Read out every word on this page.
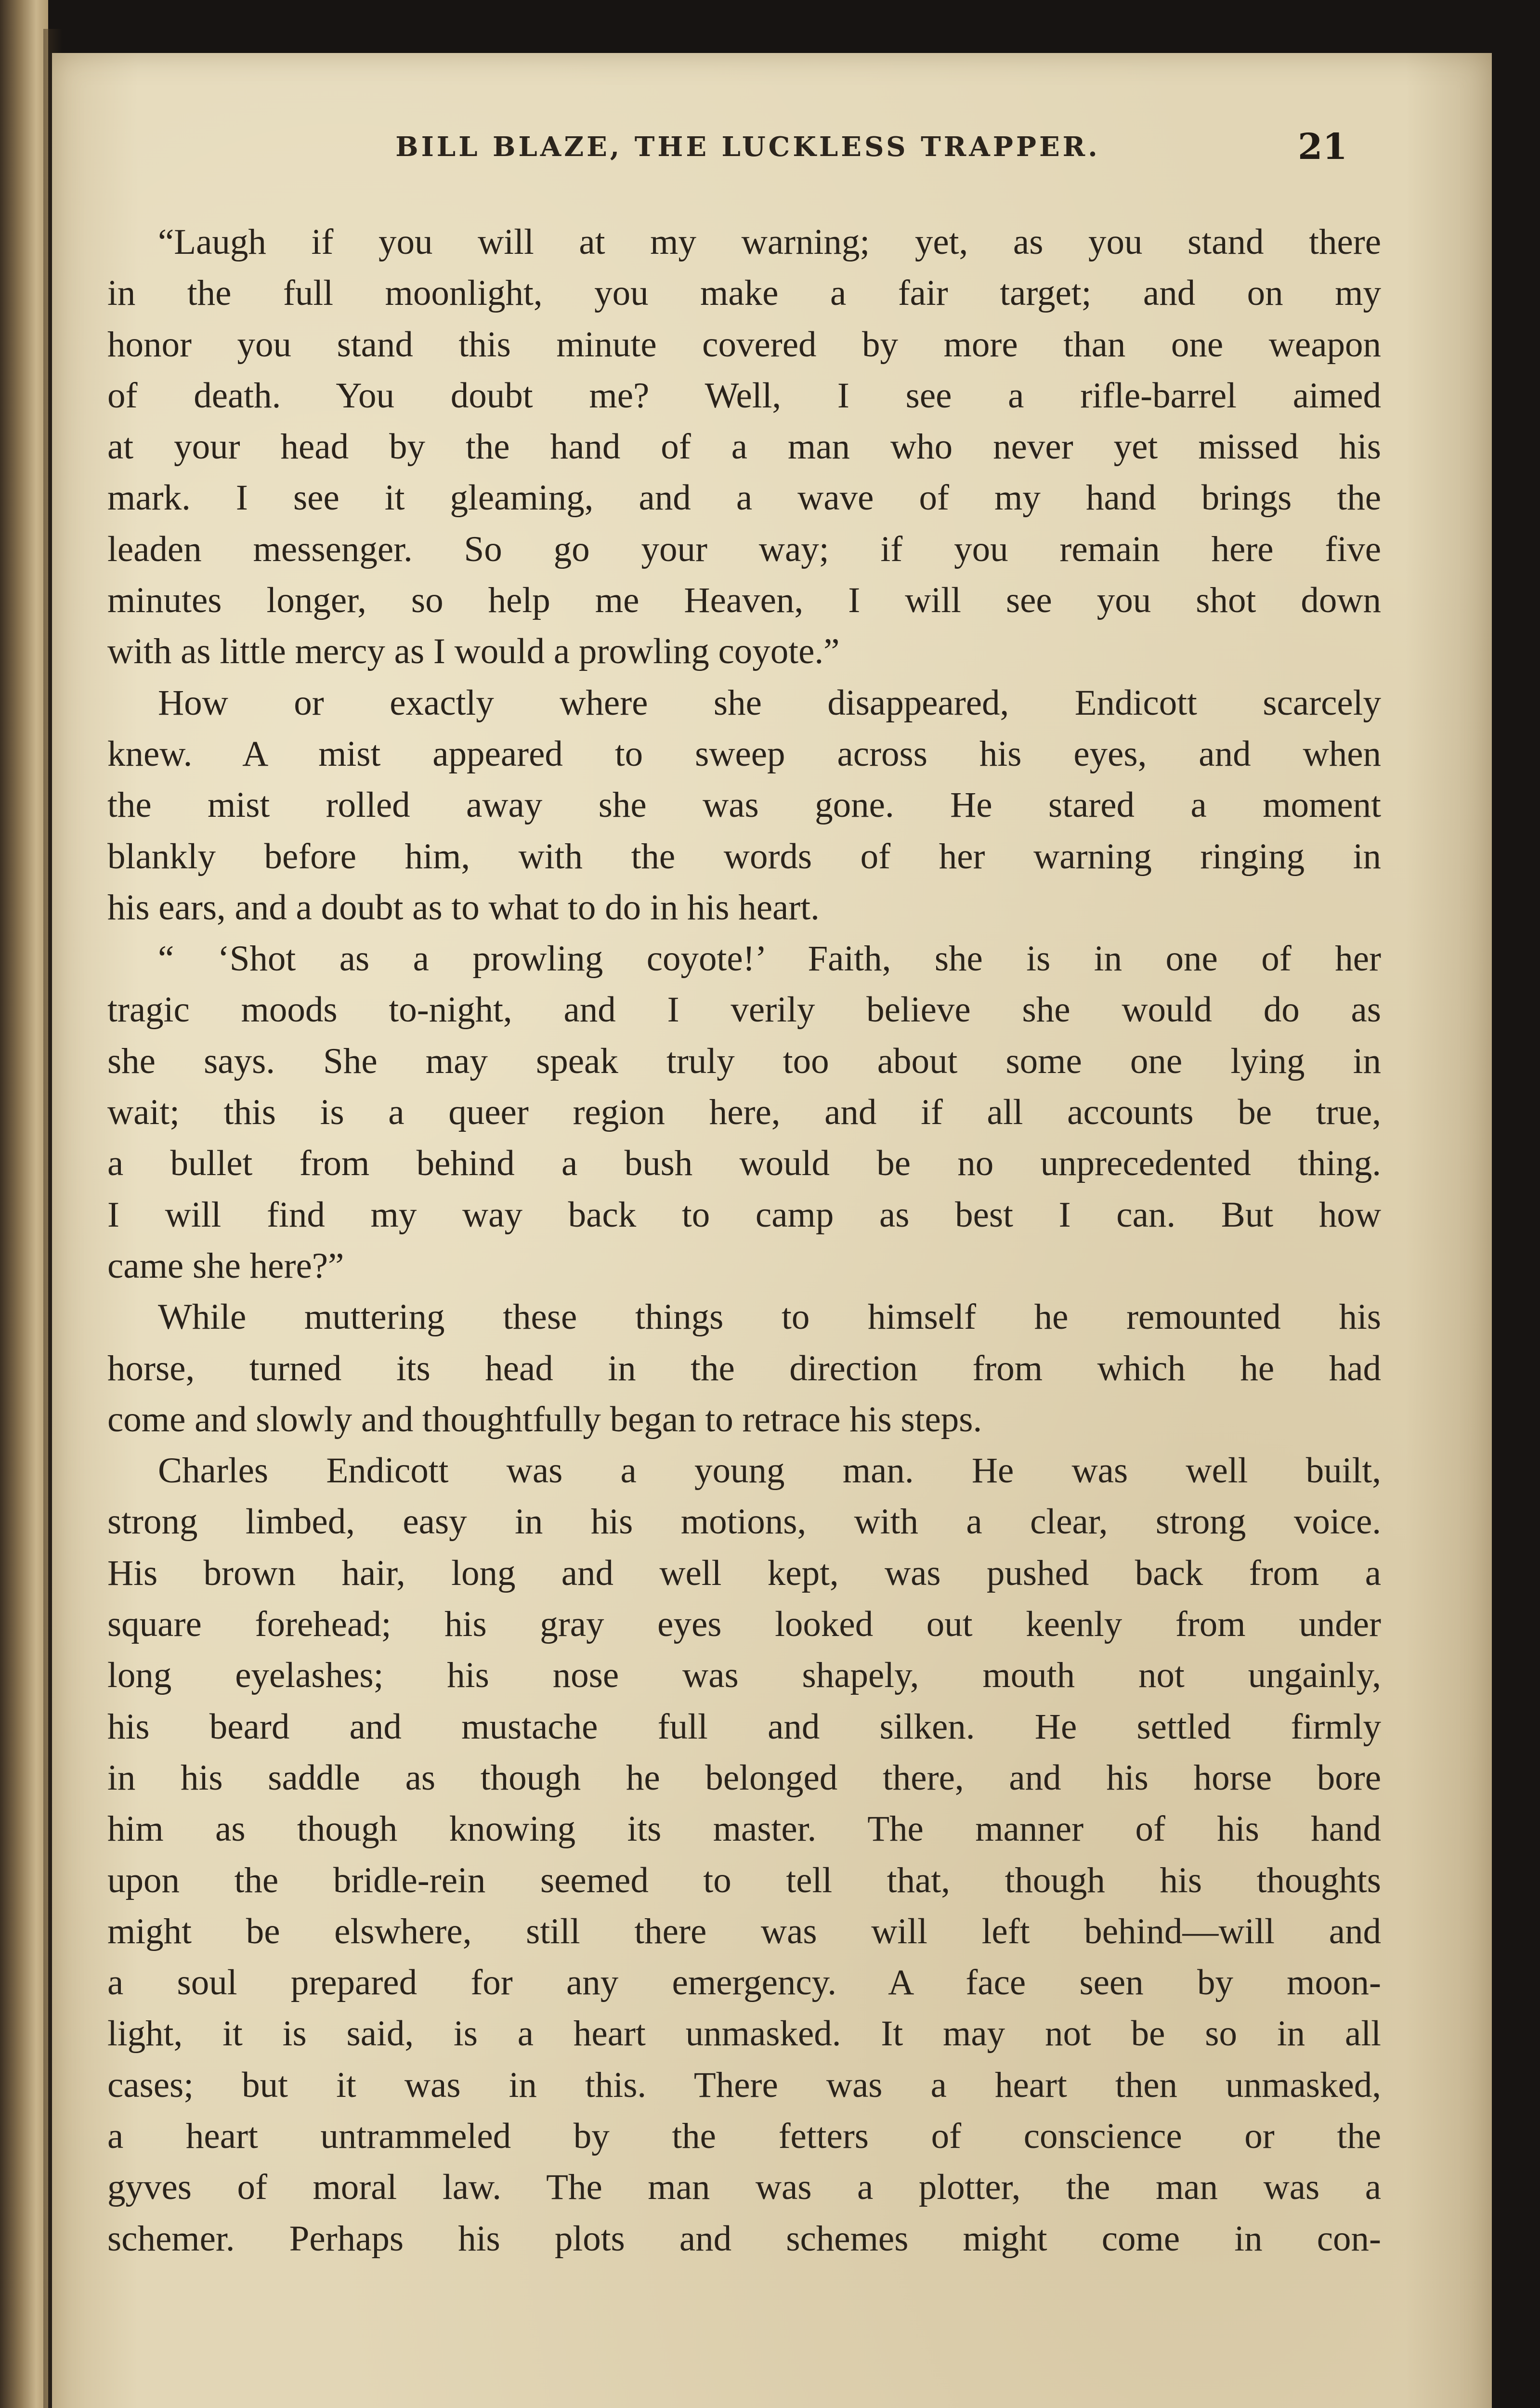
BILL BLAZE, THE LUCKLESS TRAPPER.	21
“Laugh if you will at my warning; yet, as you stand there
in the full moonlight, you make a fair target; and on my
honor you stand this minute covered by more than one weapon
of death. You doubt me? Well, I see a rifle-barrel aimed
at your head by the hand of a man who never yet missed his
mark. I see it gleaming, and a wave of my hand brings the
leaden messenger. So go your way; if you remain here five
minutes longer, so help me Heaven, I will see you shot down
with as little mercy as I would a prowling coyote.”
How or exactly where she disappeared, Endicott scarcely
knew. A mist appeared to sweep across his eyes, and when
the mist rolled away she was gone. He stared a moment
blankly before him, with the words of her warning ringing in
his ears, and a doubt as to what to do in his heart.
“ ‘Shot as a prowling coyote!’ Faith, she is in one of her
tragic moods to-night, and I verily believe she would do as
she says. She may speak truly too about some one lying in
wait; this is a queer region here, and if all accounts be true,
a bullet from behind a bush would be no unprecedented thing.
I will find my way back to camp as best I can. But how
came she here?”
While muttering these things to himself he remounted his
horse, turned its head in the direction from which he had
come and slowly and thoughtfully began to retrace his steps.
Charles Endicott was a young man. He was well built,
strong limbed, easy in his motions, with a clear, strong voice.
His brown hair, long and well kept, was pushed back from a
square forehead; his gray eyes looked out keenly from under
long eyelashes; his nose was shapely, mouth not ungainly,
his beard and mustache full and silken. He settled firmly
in his saddle as though he belonged there, and his horse bore
him as though knowing its master. The manner of his hand
upon the bridle-rein seemed to tell that, though his thoughts
might be elswhere, still there was will left behind—will and
a soul prepared for any emergency. A face seen by moon-
light, it is said, is a heart unmasked. It may not be so in all
cases; but it was in this. There was a heart then unmasked,
a heart untrammeled by the fetters of conscience or the
gyves of moral law. The man was a plotter, the man was a
schemer. Perhaps his plots and schemes might come in con-
